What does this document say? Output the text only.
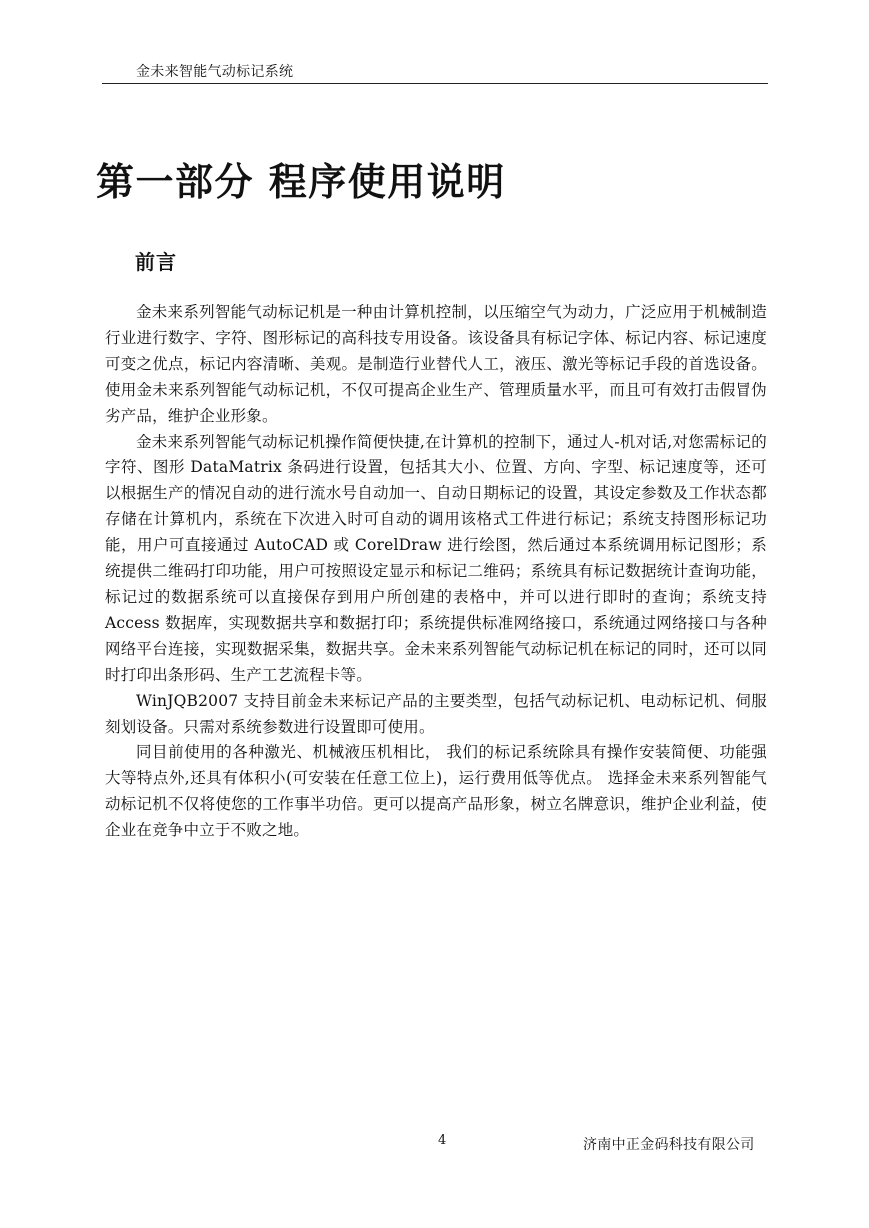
金未来智能气动标记系统
第一部分 程序使用说明
前言

金未来系列智能气动标记机是一种由计算机控制，以压缩空气为动力，广泛应用于机械制造行业进行数字、字符、图形标记的高科技专用设备。该设备具有标记字体、标记内容、标记速度可变之优点，标记内容清晰、美观。是制造行业替代人工，液压、激光等标记手段的首选设备。使用金未来系列智能气动标记机，不仅可提高企业生产、管理质量水平，而且可有效打击假冒伪劣产品，维护企业形象。

金未来系列智能气动标记机操作简便快捷,在计算机的控制下，通过人-机对话,对您需标记的字符、图形 DataMatrix 条码进行设置，包括其大小、位置、方向、字型、标记速度等，还可以根据生产的情况自动的进行流水号自动加一、自动日期标记的设置，其设定参数及工作状态都存储在计算机内，系统在下次进入时可自动的调用该格式工件进行标记；系统支持图形标记功能，用户可直接通过 AutoCAD 或 CorelDraw 进行绘图，然后通过本系统调用标记图形；系统提供二维码打印功能，用户可按照设定显示和标记二维码；系统具有标记数据统计查询功能，标记过的数据系统可以直接保存到用户所创建的表格中，并可以进行即时的查询；系统支持 Access 数据库，实现数据共享和数据打印；系统提供标准网络接口，系统通过网络接口与各种网络平台连接，实现数据采集，数据共享。金未来系列智能气动标记机在标记的同时，还可以同时打印出条形码、生产工艺流程卡等。

WinJQB2007 支持目前金未来标记产品的主要类型，包括气动标记机、电动标记机、伺服刻划设备。只需对系统参数进行设置即可使用。

同目前使用的各种激光、机械液压机相比， 我们的标记系统除具有操作安装简便、功能强大等特点外,还具有体积小(可安装在任意工位上)，运行费用低等优点。 选择金未来系列智能气动标记机不仅将使您的工作事半功倍。更可以提高产品形象，树立名牌意识，维护企业利益，使企业在竞争中立于不败之地。

4	济南中正金码科技有限公司
